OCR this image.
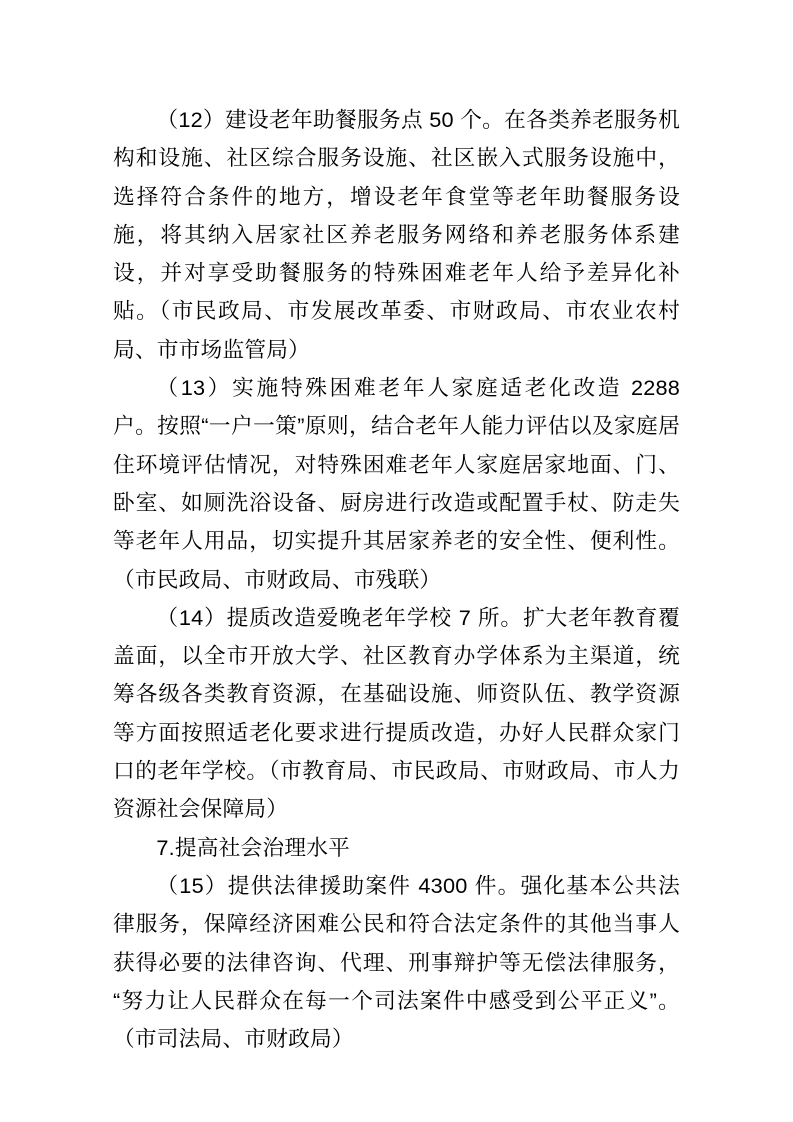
（12）建设老年助餐服务点 50 个。在各类养老服务机构和设施、社区综合服务设施、社区嵌入式服务设施中，选择符合条件的地方，增设老年食堂等老年助餐服务设施，将其纳入居家社区养老服务网络和养老服务体系建设，并对享受助餐服务的特殊困难老年人给予差异化补贴。（市民政局、市发展改革委、市财政局、市农业农村局、市市场监管局）

（13）实施特殊困难老年人家庭适老化改造 2288 户。按照“一户一策”原则，结合老年人能力评估以及家庭居住环境评估情况，对特殊困难老年人家庭居家地面、门、卧室、如厕洗浴设备、厨房进行改造或配置手杖、防走失等老年人用品，切实提升其居家养老的安全性、便利性。（市民政局、市财政局、市残联）

（14）提质改造爱晚老年学校 7 所。扩大老年教育覆盖面，以全市开放大学、社区教育办学体系为主渠道，统筹各级各类教育资源，在基础设施、师资队伍、教学资源等方面按照适老化要求进行提质改造，办好人民群众家门口的老年学校。（市教育局、市民政局、市财政局、市人力资源社会保障局）

7.提高社会治理水平

（15）提供法律援助案件 4300 件。强化基本公共法律服务，保障经济困难公民和符合法定条件的其他当事人获得必要的法律咨询、代理、刑事辩护等无偿法律服务，“努力让人民群众在每一个司法案件中感受到公平正义”。（市司法局、市财政局）
